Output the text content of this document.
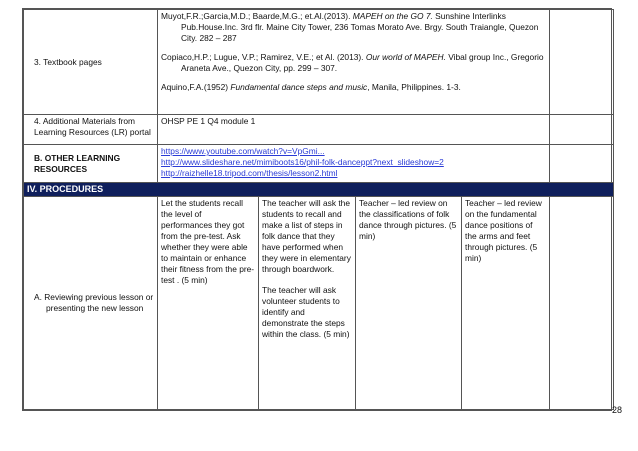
3. Textbook pages	Muyot,F.R.;Garcia,M.D.; Baarde,M.G.; et.Al.(2013). MAPEH on the GO 7. Sunshine Interlinks Pub.House.Inc. 3rd flr. Maine City Tower, 236 Tomas Morato Ave. Brgy. South Traiangle, Quezon City. 282 – 287

Copiaco,H.P.; Lugue, V.P.; Ramirez, V.E.; et Al. (2013). Our world of MAPEH. Vibal group Inc., Gregorio Araneta Ave., Quezon City, pp. 299 – 307.

Aquino,F.A.(1952) Fundamental dance steps and music, Manila, Philippines. 1-3.				

4. Additional Materials from Learning Resources (LR) portal	OHSP PE 1 Q4 module 1				
B. OTHER LEARNING RESOURCES	https://www.youtube.com/watch?v=VpGmi...
http://www.slideshare.net/mimiboots16/phil-folk-danceppt?next_slideshow=2
http://raizhelle18.tripod.com/thesis/lesson2.html				
IV. PROCEDURES					

A. Reviewing previous lesson or presenting the new lesson	Let the students recall the level of performances they got from the pre-test. Ask whether they were able to maintain or enhance their fitness from the pre-test . (5 min)	The teacher will ask the students to recall and make a list of steps in folk dance that they have performed when they were in elementary through boardwork.

The teacher will ask volunteer students to identify and demonstrate the steps within the class. (5 min)	Teacher – led review on the classifications of folk dance through pictures. (5 min)	Teacher – led review on the fundamental dance positions of the arms and feet through pictures. (5 min)	
28
